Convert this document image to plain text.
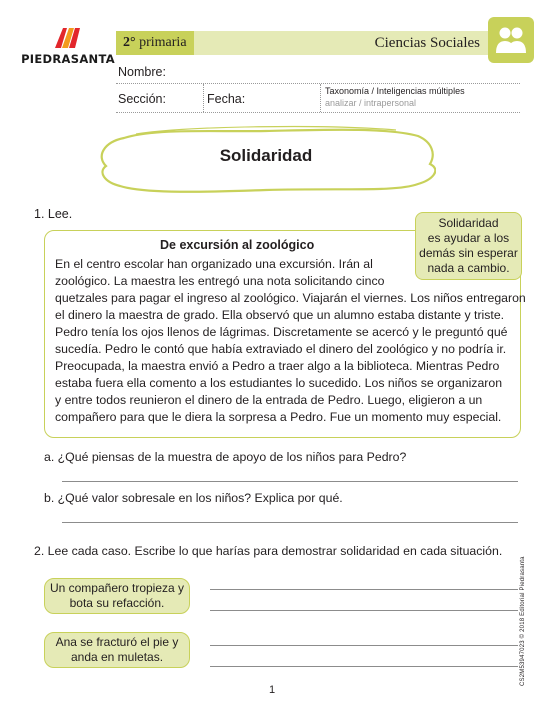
PIEDRASANTA
2° primaria	Ciencias Sociales
Nombre:
Sección:	Fecha:
Taxonomía / Inteligencias múltiples
analizar / intrapersonal
Solidaridad
1. Lee.
De excursión al zoológico
En el centro escolar han organizado una excursión. Irán al
zoológico. La maestra les entregó una nota solicitando cinco
quetzales para pagar el ingreso al zoológico. Viajarán el viernes. Los niños entregaron
el dinero la maestra de grado. Ella observó que un alumno estaba distante y triste.
Pedro tenía los ojos llenos de lágrimas. Discretamente se acercó y le preguntó qué
sucedía. Pedro le contó que había extraviado el dinero del zoológico y no podría ir.
Preocupada, la maestra envió a Pedro a traer algo a la biblioteca. Mientras Pedro
estaba fuera ella comento a los estudiantes lo sucedido. Los niños se organizaron
y entre todos reunieron el dinero de la entrada de Pedro. Luego, eligieron a un
compañero para que le diera la sorpresa a Pedro. Fue un momento muy especial.
Solidaridad
es ayudar a los
demás sin esperar
nada a cambio.
a. ¿Qué piensas de la muestra de apoyo de los niños para Pedro?
b. ¿Qué valor sobresale en los niños? Explica por qué.
2. Lee cada caso. Escribe lo que harías para demostrar solidaridad en cada situación.
Un compañero tropieza y
bota su refacción.
Ana se fracturó el pie y
anda en muletas.	CS2M53947023 © 2018 Editorial Piedrasanta
1
